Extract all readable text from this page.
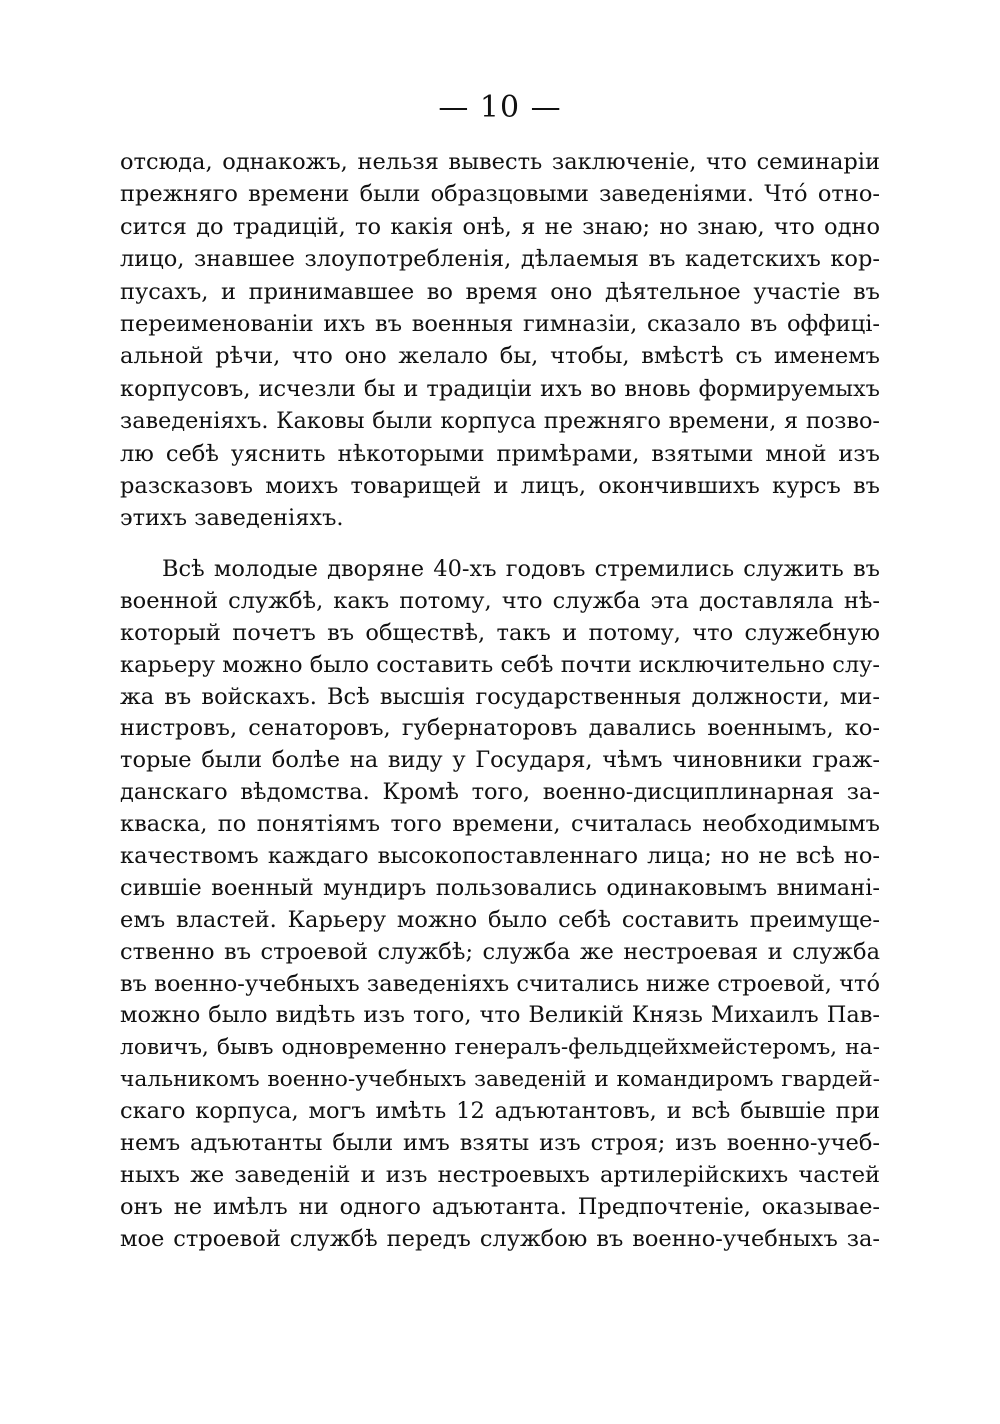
— 10 —
отсюда, однакожъ, нельзя вывесть заключеніе, что семинаріи
прежняго времени были образцовыми заведеніями. Что́ отно-
сится до традицій, то какія онѣ, я не знаю; но знаю, что одно
лицо, знавшее злоупотребленія, дѣлаемыя въ кадетскихъ кор-
пусахъ, и принимавшее во время оно дѣятельное участіе въ
переименованіи ихъ въ военныя гимназіи, сказало въ оффиці-
альной рѣчи, что оно желало бы, чтобы, вмѣстѣ съ именемъ
корпусовъ, исчезли бы и традиціи ихъ во вновь формируемыхъ
заведеніяхъ. Каковы были корпуса прежняго времени, я позво-
лю себѣ уяснить нѣкоторыми примѣрами, взятыми мной изъ
разсказовъ моихъ товарищей и лицъ, окончившихъ курсъ въ
этихъ заведеніяхъ.
Всѣ молодые дворяне 40-хъ годовъ стремились служить въ
военной службѣ, какъ потому, что служба эта доставляла нѣ-
который почетъ въ обществѣ, такъ и потому, что служебную
карьеру можно было составить себѣ почти исключительно слу-
жа въ войскахъ. Всѣ высшія государственныя должности, ми-
нистровъ, сенаторовъ, губернаторовъ давались военнымъ, ко-
торые были болѣе на виду у Государя, чѣмъ чиновники граж-
данскаго вѣдомства. Кромѣ того, военно-дисциплинарная за-
кваска, по понятіямъ того времени, считалась необходимымъ
качествомъ каждаго высокопоставленнаго лица; но не всѣ но-
сившіе военный мундиръ пользовались одинаковымъ внимані-
емъ властей. Карьеру можно было себѣ составить преимуще-
ственно въ строевой службѣ; служба же нестроевая и служба
въ военно-учебныхъ заведеніяхъ считались ниже строевой, что́
можно было видѣть изъ того, что Великій Князь Михаилъ Пав-
ловичъ, бывъ одновременно генералъ-фельдцейхмейстеромъ, на-
чальникомъ военно-учебныхъ заведеній и командиромъ гвардей-
скаго корпуса, могъ имѣть 12 адъютантовъ, и всѣ бывшіе при
немъ адъютанты были имъ взяты изъ строя; изъ военно-учеб-
ныхъ же заведеній и изъ нестроевыхъ артилерійскихъ частей
онъ не имѣлъ ни одного адъютанта. Предпочтеніе, оказывае-
мое строевой службѣ передъ службою въ военно-учебныхъ за-
